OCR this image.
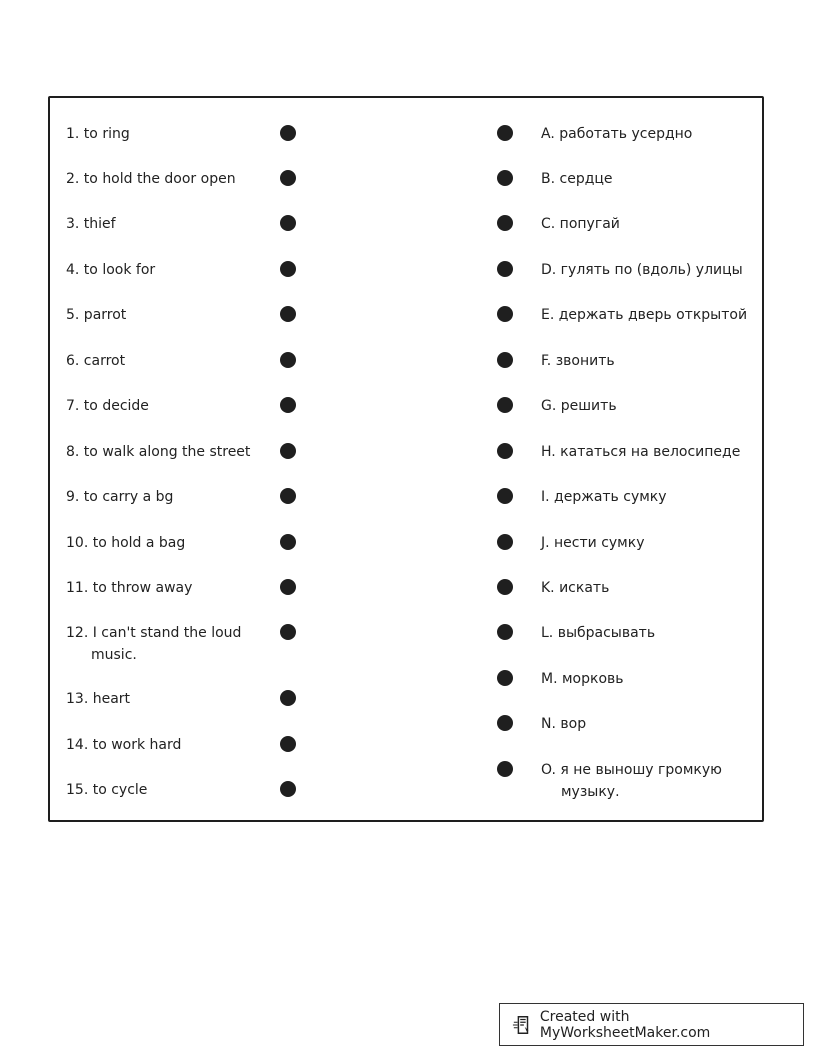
1. to ring
2. to hold the door open
3. thief
4. to look for
5. parrot
6. carrot
7. to decide
8. to walk along the street
9. to carry a bg
10. to hold a bag
11. to throw away
12. I can't stand the loud
music.
13. heart
14. to work hard
15. to cycle
A. работать усердно
B. сердце
C. попугай
D. гулять по (вдоль) улицы
E. держать дверь открытой
F. звонить
G. решить
H. кататься на велосипеде
I. держать сумку
J. нести сумку
K. искать
L. выбрасывать
M. морковь
N. вор
O. я не выношу громкую
музыку.
Created with MyWorksheetMaker.com
